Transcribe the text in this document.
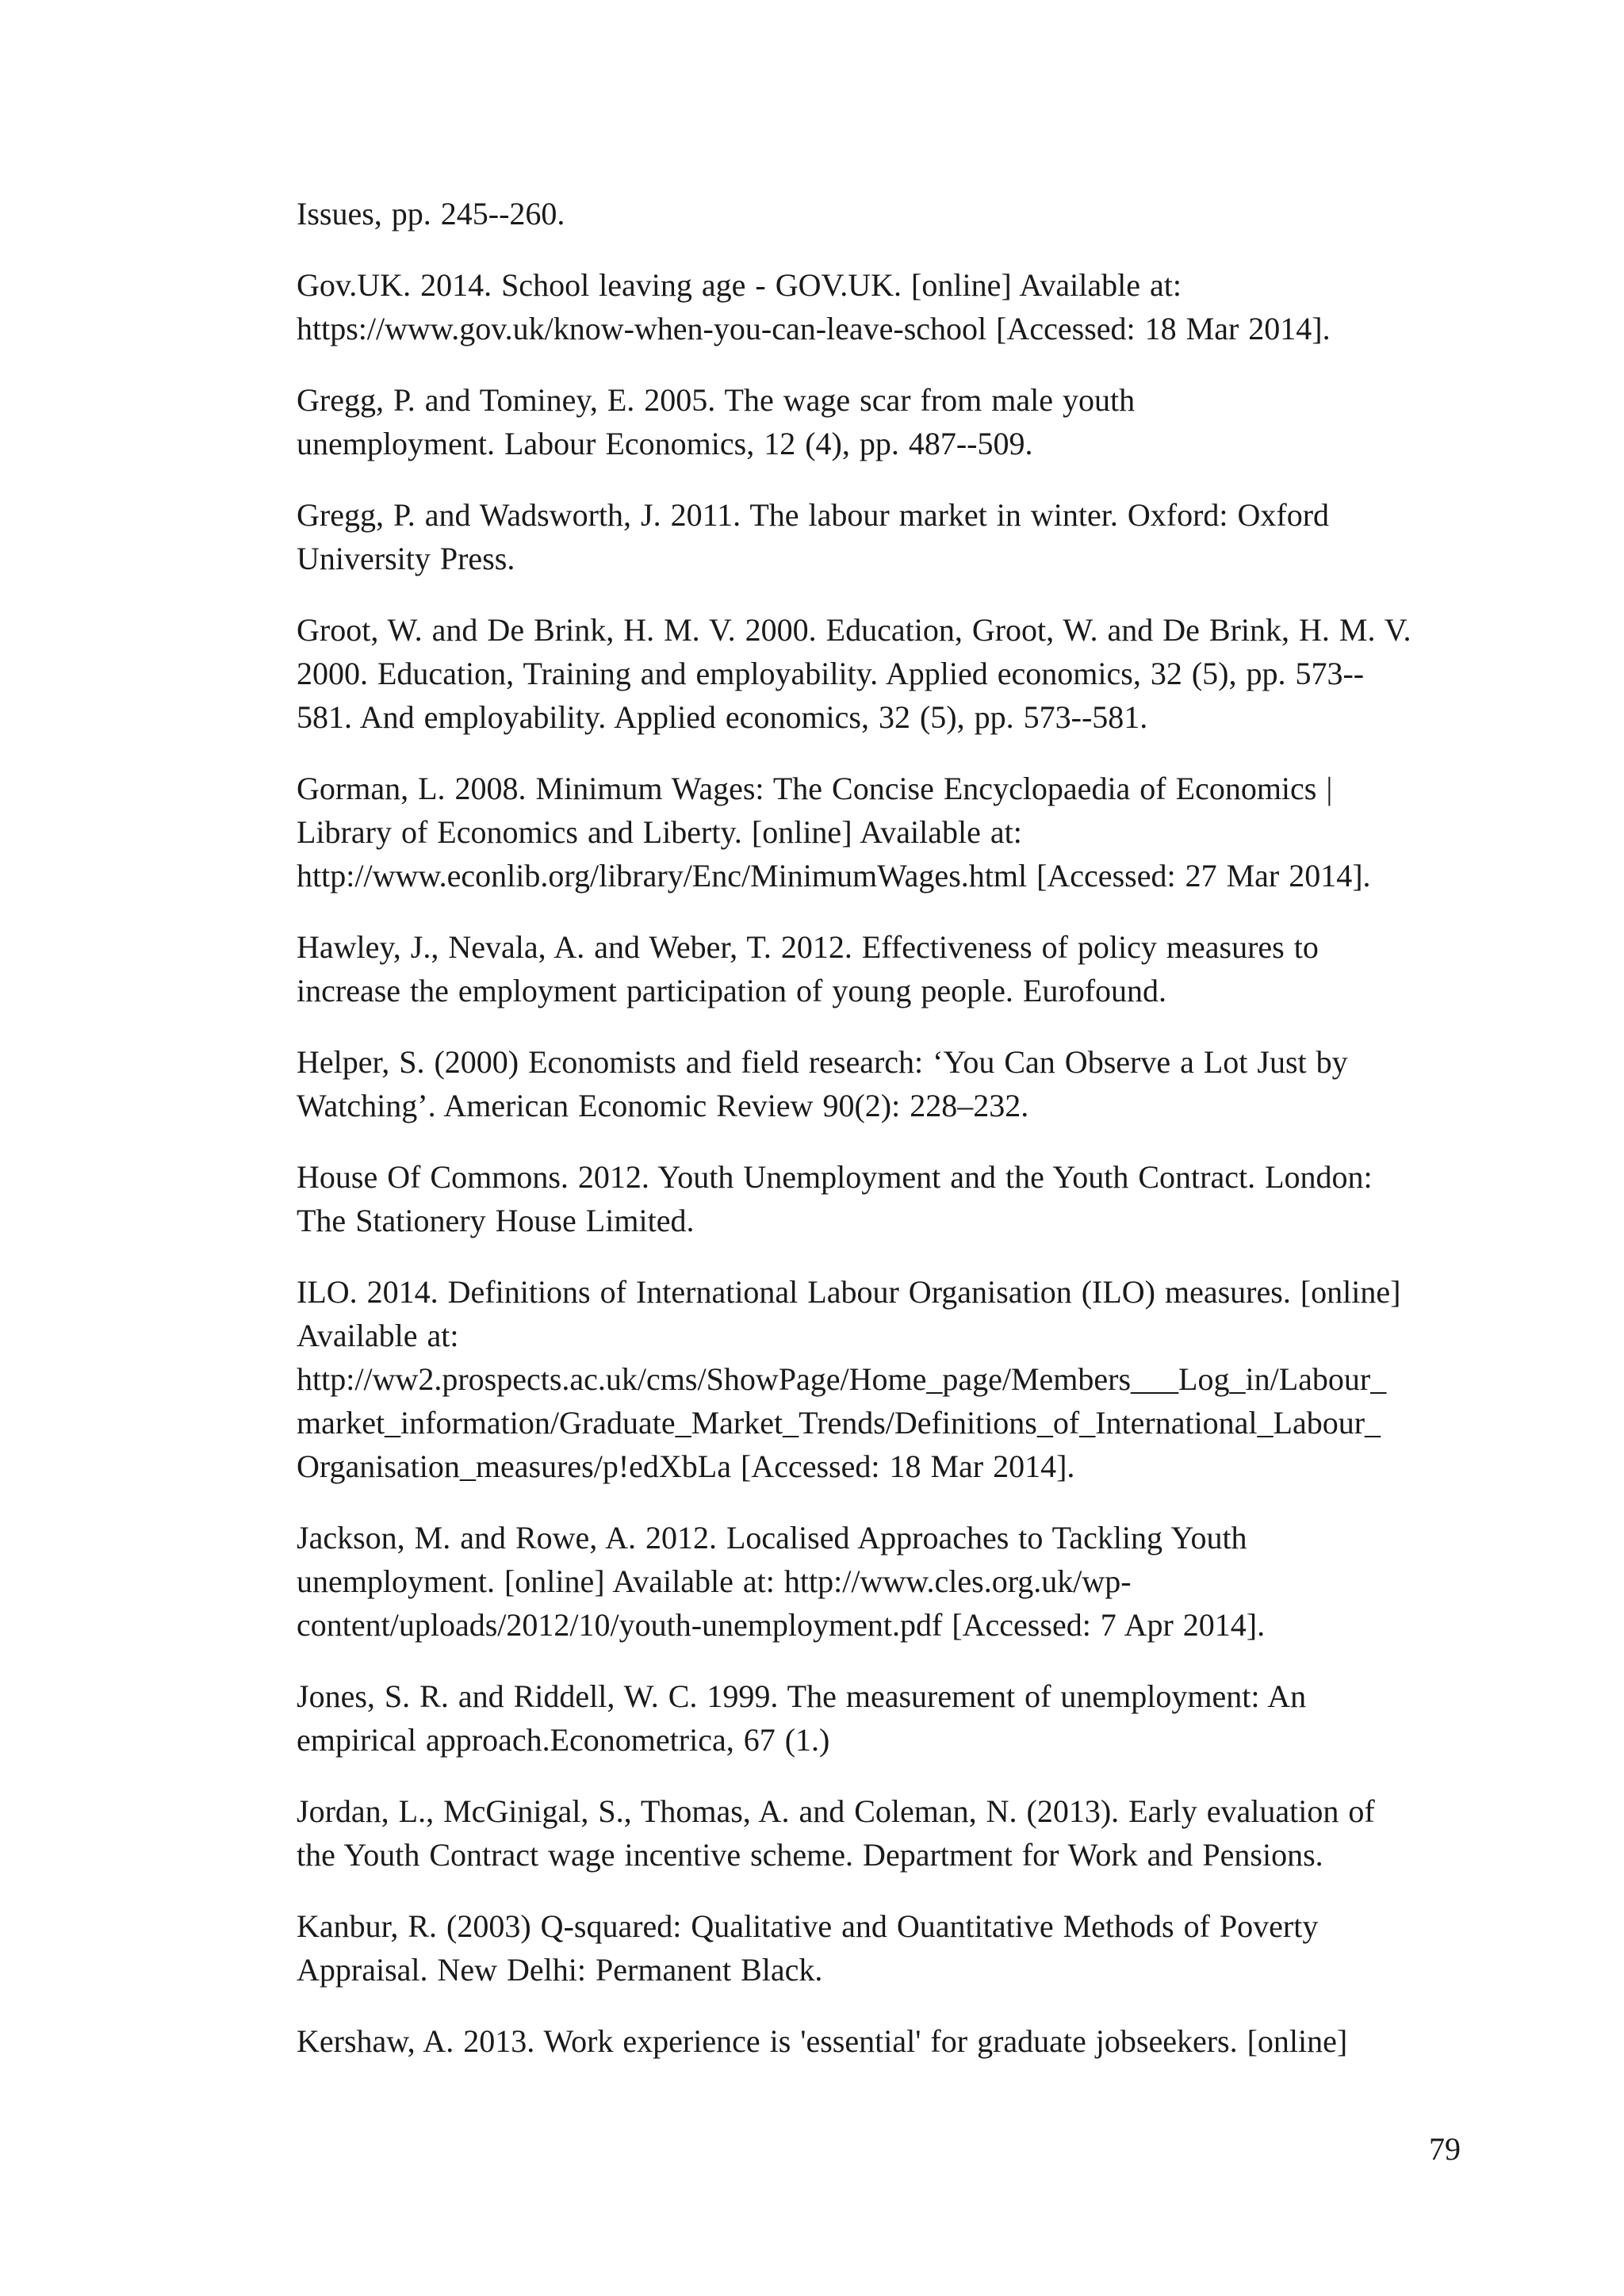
Issues, pp. 245--260.

Gov.UK. 2014. School leaving age - GOV.UK. [online] Available at:
https://www.gov.uk/know-when-you-can-leave-school [Accessed: 18 Mar 2014].

Gregg, P. and Tominey, E. 2005. The wage scar from male youth
unemployment. Labour Economics, 12 (4), pp. 487--509.

Gregg, P. and Wadsworth, J. 2011. The labour market in winter. Oxford: Oxford
University Press.

Groot, W. and De Brink, H. M. V. 2000. Education, Groot, W. and De Brink, H. M. V.
2000. Education, Training and employability. Applied economics, 32 (5), pp. 573--
581. And employability. Applied economics, 32 (5), pp. 573--581.

Gorman, L. 2008. Minimum Wages: The Concise Encyclopaedia of Economics |
Library of Economics and Liberty. [online] Available at:
http://www.econlib.org/library/Enc/MinimumWages.html [Accessed: 27 Mar 2014].

Hawley, J., Nevala, A. and Weber, T. 2012. Effectiveness of policy measures to
increase the employment participation of young people. Eurofound.

Helper, S. (2000) Economists and field research: ‘You Can Observe a Lot Just by
Watching’. American Economic Review 90(2): 228–232.

House Of Commons. 2012. Youth Unemployment and the Youth Contract. London:
The Stationery House Limited.

ILO. 2014. Definitions of International Labour Organisation (ILO) measures. [online]
Available at:
http://ww2.prospects.ac.uk/cms/ShowPage/Home_page/Members___Log_in/Labour_
market_information/Graduate_Market_Trends/Definitions_of_International_Labour_
Organisation_measures/p!edXbLa [Accessed: 18 Mar 2014].

Jackson, M. and Rowe, A. 2012. Localised Approaches to Tackling Youth
unemployment. [online] Available at: http://www.cles.org.uk/wp-
content/uploads/2012/10/youth-unemployment.pdf [Accessed: 7 Apr 2014].

Jones, S. R. and Riddell, W. C. 1999. The measurement of unemployment: An
empirical approach.Econometrica, 67 (1.)

Jordan, L., McGinigal, S., Thomas, A. and Coleman, N. (2013). Early evaluation of
the Youth Contract wage incentive scheme. Department for Work and Pensions.

Kanbur, R. (2003) Q-squared: Qualitative and Ouantitative Methods of Poverty
Appraisal. New Delhi: Permanent Black.

Kershaw, A. 2013. Work experience is 'essential' for graduate jobseekers. [online]

79
